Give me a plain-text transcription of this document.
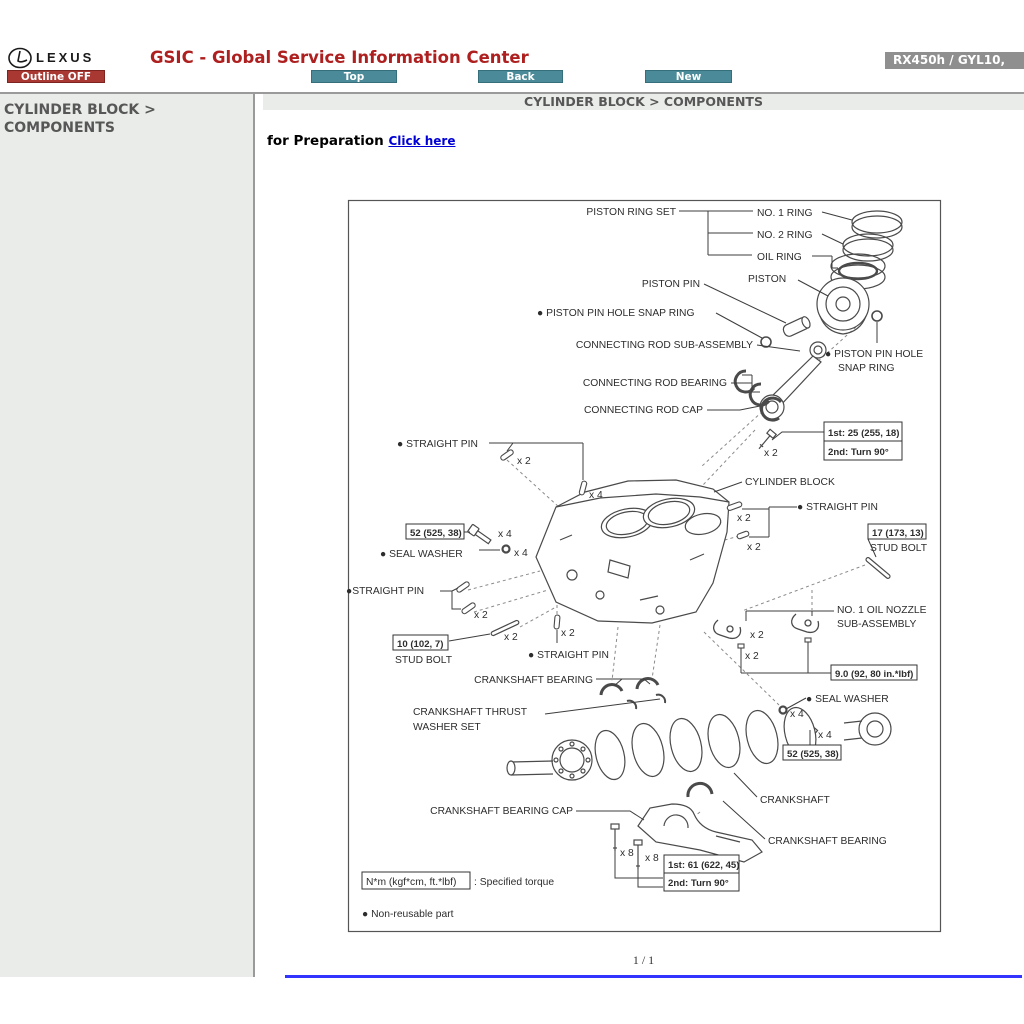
LEXUS	GSIC - Global Service Information Center
Outline OFF	Top	Back	New
RX450h / GYL10, 15
CYLINDER BLOCK >
COMPONENTS
CYLINDER BLOCK > COMPONENTS
for Preparation Click here
PISTON RING SET	NO. 1 RING
NO. 2 RING
OIL RING
PISTON
PISTON PIN
● PISTON PIN HOLE SNAP RING
CONNECTING ROD SUB-ASSEMBLY
● PISTON PIN HOLE
SNAP RING
CONNECTING ROD BEARING
CONNECTING ROD CAP
x 2
● STRAIGHT PIN
x 2
x 4
CYLINDER BLOCK
● STRAIGHT PIN
x 2
x 2
x 4
● SEAL WASHER	x 4	STUD BOLT
●STRAIGHT PIN
x 2
STUD BOLT
x 2	x 2
● STRAIGHT PIN
CRANKSHAFT BEARING
CRANKSHAFT THRUST
WASHER SET
NO. 1 OIL NOZZLE
SUB-ASSEMBLY
x 2
x 2
● SEAL WASHER
x 4
x 4
CRANKSHAFT
CRANKSHAFT BEARING
CRANKSHAFT BEARING CAP
x 8 x 8
1st: 25 (255, 18)
2nd: Turn 90°
52 (525, 38)	17 (173, 13)
10 (102, 7)
9.0 (92, 80 in.*lbf)
52 (525, 38)
1st: 61 (622, 45)
2nd: Turn 90°
N*m (kgf*cm, ft.*lbf) : Specified torque
● Non-reusable part
1 / 1
